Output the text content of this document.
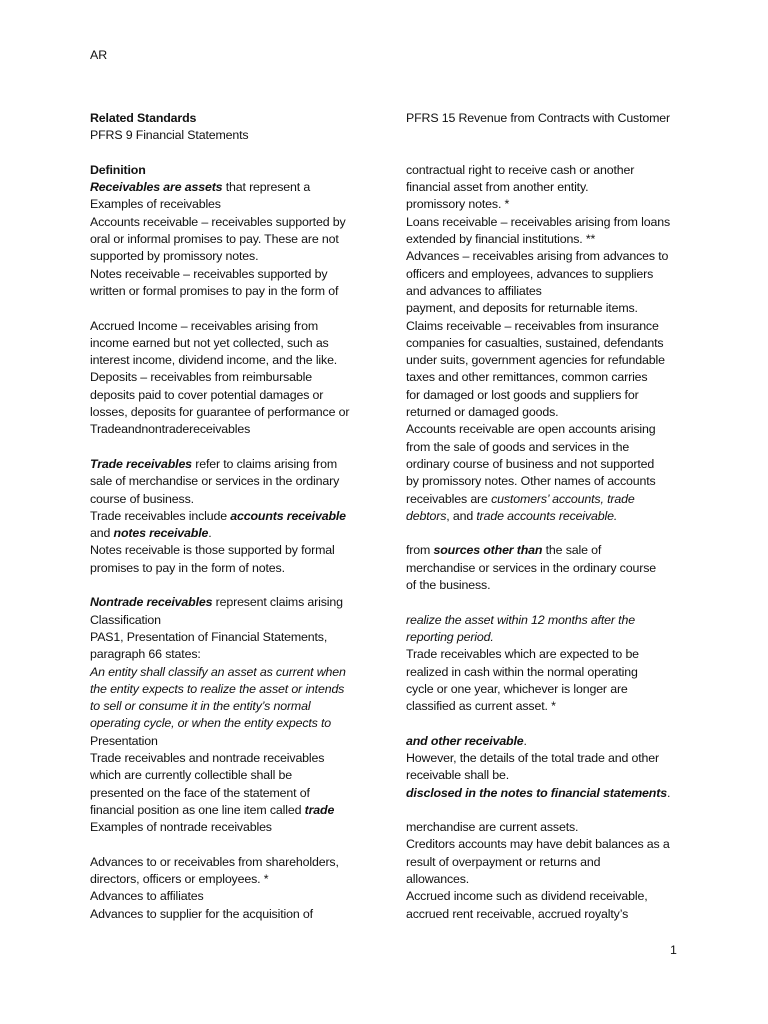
AR
Related Standards
PFRS 9 Financial Statements
Definition
Receivables are assets that represent a
Examples of receivables
Accounts receivable – receivables supported by
oral or informal promises to pay. These are not
supported by promissory notes.
Notes receivable – receivables supported by
written or formal promises to pay in the form of
Accrued Income – receivables arising from
income earned but not yet collected, such as
interest income, dividend income, and the like.
Deposits – receivables from reimbursable
deposits paid to cover potential damages or
losses, deposits for guarantee of performance or
Tradeandnontradereceivables
Trade receivables refer to claims arising from
sale of merchandise or services in the ordinary
course of business.
Trade receivables include accounts receivable
and notes receivable.
Notes receivable is those supported by formal
promises to pay in the form of notes.
Nontrade receivables represent claims arising
Classification
PAS1, Presentation of Financial Statements,
paragraph 66 states:
An entity shall classify an asset as current when
the entity expects to realize the asset or intends
to sell or consume it in the entity’s normal
operating cycle, or when the entity expects to
Presentation
Trade receivables and nontrade receivables
which are currently collectible shall be
presented on the face of the statement of
financial position as one line item called trade
Examples of nontrade receivables
Advances to or receivables from shareholders,
directors, officers or employees. *
Advances to affiliates
Advances to supplier for the acquisition of
PFRS 15 Revenue from Contracts with Customer
contractual right to receive cash or another
financial asset from another entity.
promissory notes. *
Loans receivable – receivables arising from loans
extended by financial institutions. **
Advances – receivables arising from advances to
officers and employees, advances to suppliers
and advances to affiliates
payment, and deposits for returnable items.
Claims receivable – receivables from insurance
companies for casualties, sustained, defendants
under suits, government agencies for refundable
taxes and other remittances, common carries
for damaged or lost goods and suppliers for
returned or damaged goods.
Accounts receivable are open accounts arising
from the sale of goods and services in the
ordinary course of business and not supported
by promissory notes. Other names of accounts
receivables are customers’ accounts, trade
debtors, and trade accounts receivable.
from sources other than the sale of
merchandise or services in the ordinary course
of the business.
realize the asset within 12 months after the
reporting period.
Trade receivables which are expected to be
realized in cash within the normal operating
cycle or one year, whichever is longer are
classified as current asset. *
and other receivable.
However, the details of the total trade and other
receivable shall be.
disclosed in the notes to financial statements.
merchandise are current assets.
Creditors accounts may have debit balances as a
result of overpayment or returns and
allowances.
Accrued income such as dividend receivable,
accrued rent receivable, accrued royalty’s
1
